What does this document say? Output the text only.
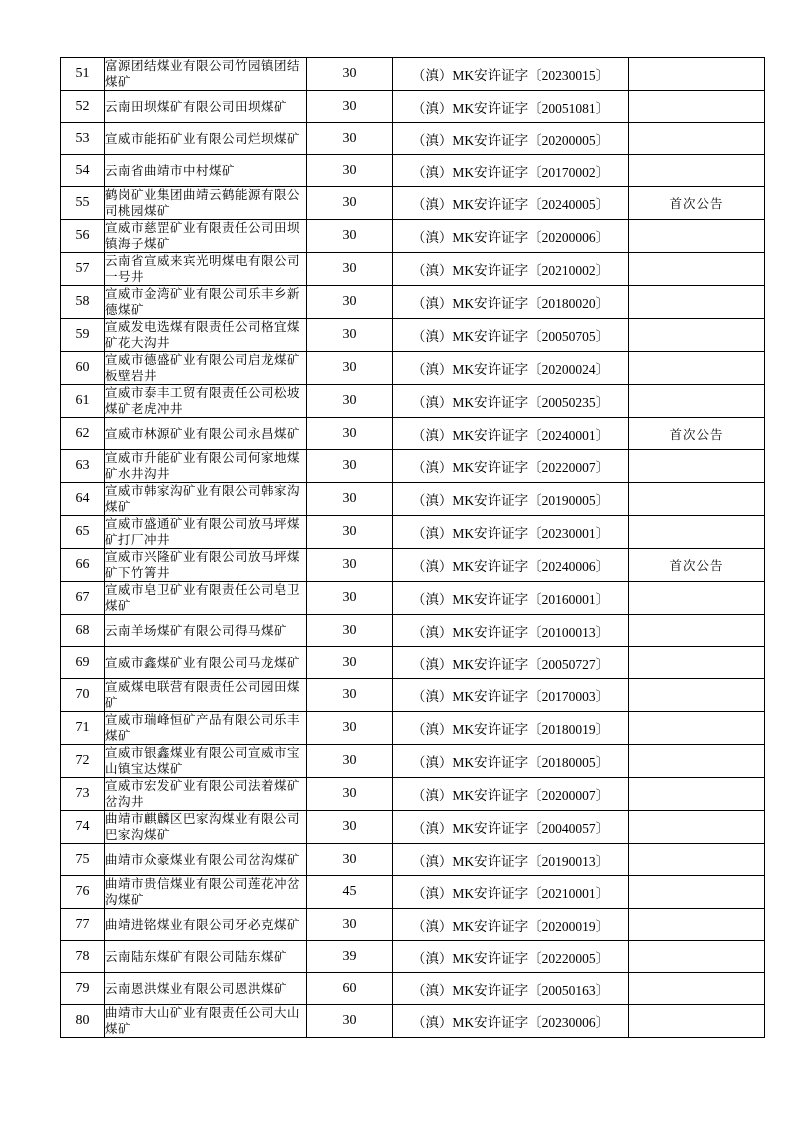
51	富源团结煤业有限公司竹园镇团结煤矿	30	（滇）MK安许证字〔20230015〕	
52	云南田坝煤矿有限公司田坝煤矿	30	（滇）MK安许证字〔20051081〕	
53	宣威市能拓矿业有限公司烂坝煤矿	30	（滇）MK安许证字〔20200005〕	
54	云南省曲靖市中村煤矿	30	（滇）MK安许证字〔20170002〕	
55	鹤岗矿业集团曲靖云鹤能源有限公司桃园煤矿	30	（滇）MK安许证字〔20240005〕	首次公告
56	宣威市慈罡矿业有限责任公司田坝镇海子煤矿	30	（滇）MK安许证字〔20200006〕	
57	云南省宣威来宾光明煤电有限公司一号井	30	（滇）MK安许证字〔20210002〕	
58	宣威市金湾矿业有限公司乐丰乡新德煤矿	30	（滇）MK安许证字〔20180020〕	
59	宣威发电选煤有限责任公司格宜煤矿花大沟井	30	（滇）MK安许证字〔20050705〕	
60	宣威市德盛矿业有限公司启龙煤矿板壁岩井	30	（滇）MK安许证字〔20200024〕	
61	宣威市泰丰工贸有限责任公司松坡煤矿老虎冲井	30	（滇）MK安许证字〔20050235〕	
62	宣威市林源矿业有限公司永昌煤矿	30	（滇）MK安许证字〔20240001〕	首次公告
63	宣威市升能矿业有限公司何家地煤矿水井沟井	30	（滇）MK安许证字〔20220007〕	
64	宣威市韩家沟矿业有限公司韩家沟煤矿	30	（滇）MK安许证字〔20190005〕	
65	宣威市盛通矿业有限公司放马坪煤矿打厂冲井	30	（滇）MK安许证字〔20230001〕	
66	宣威市兴隆矿业有限公司放马坪煤矿下竹箐井	30	（滇）MK安许证字〔20240006〕	首次公告
67	宣威市皂卫矿业有限责任公司皂卫煤矿	30	（滇）MK安许证字〔20160001〕	
68	云南羊场煤矿有限公司得马煤矿	30	（滇）MK安许证字〔20100013〕	
69	宣威市鑫煤矿业有限公司马龙煤矿	30	（滇）MK安许证字〔20050727〕	
70	宣威煤电联营有限责任公司园田煤矿	30	（滇）MK安许证字〔20170003〕	
71	宣威市瑞峰恒矿产品有限公司乐丰煤矿	30	（滇）MK安许证字〔20180019〕	
72	宣威市银鑫煤业有限公司宣威市宝山镇宝达煤矿	30	（滇）MK安许证字〔20180005〕	
73	宣威市宏发矿业有限公司法着煤矿岔沟井	30	（滇）MK安许证字〔20200007〕	
74	曲靖市麒麟区巴家沟煤业有限公司巴家沟煤矿	30	（滇）MK安许证字〔20040057〕	
75	曲靖市众豪煤业有限公司岔沟煤矿	30	（滇）MK安许证字〔20190013〕	
76	曲靖市贵信煤业有限公司莲花冲岔沟煤矿	45	（滇）MK安许证字〔20210001〕	
77	曲靖进铭煤业有限公司牙必克煤矿	30	（滇）MK安许证字〔20200019〕	
78	云南陆东煤矿有限公司陆东煤矿	39	（滇）MK安许证字〔20220005〕	
79	云南恩洪煤业有限公司恩洪煤矿	60	（滇）MK安许证字〔20050163〕	
80	曲靖市大山矿业有限责任公司大山煤矿	30	（滇）MK安许证字〔20230006〕	
